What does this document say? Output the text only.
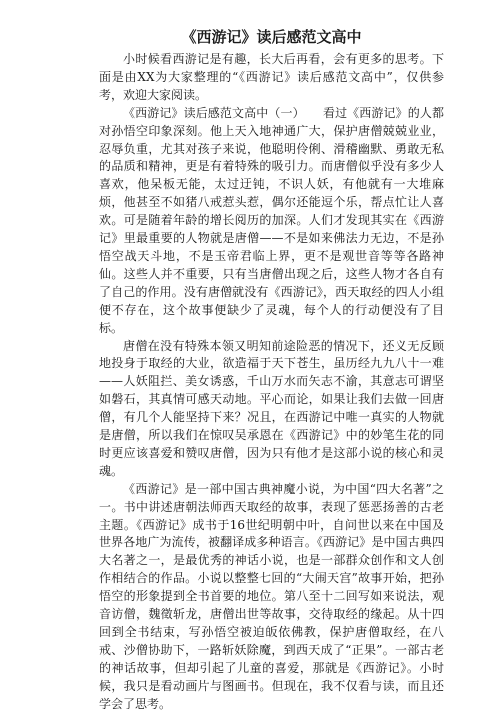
《西游记》读后感范文高中

小时候看西游记是有趣，长大后再看，会有更多的思考。下面是由XX为大家整理的“《西游记》读后感范文高中”，仅供参考，欢迎大家阅读。

《西游记》读后感范文高中（一）　　看过《西游记》的人都对孙悟空印象深刻。他上天入地神通广大，保护唐僧兢兢业业，忍辱负重，尤其对孩子来说，他聪明伶俐、滑稽幽默、勇敢无私的品质和精神，更是有着特殊的吸引力。而唐僧似乎没有多少人喜欢，他呆板无能，太过迂钝，不识人妖，有他就有一大堆麻烦，他甚至不如猪八戒惹头惹，偶尔还能逗个乐，帮点忙让人喜欢。可是随着年龄的增长阅历的加深。人们才发现其实在《西游记》里最重要的人物就是唐僧——不是如来佛法力无边，不是孙悟空战天斗地，不是玉帝君临上界，更不是观世音等等各路神仙。这些人并不重要，只有当唐僧出现之后，这些人物才各自有了自己的作用。没有唐僧就没有《西游记》，西天取经的四人小组便不存在，这个故事便缺少了灵魂，每个人的行动便没有了目标。

唐僧在没有特殊本领又明知前途险恶的情况下，还义无反顾地投身于取经的大业，欲造福于天下苍生，虽历经九九八十一难——人妖阻拦、美女诱惑，千山万水而矢志不渝，其意志可谓坚如磐石，其真情可感天动地。平心而论，如果让我们去做一回唐僧，有几个人能坚持下来？况且，在西游记中唯一真实的人物就是唐僧，所以我们在惊叹吴承恩在《西游记》中的妙笔生花的同时更应该喜爱和赞叹唐僧，因为只有他才是这部小说的核心和灵魂。

《西游记》是一部中国古典神魔小说，为中国“四大名著”之一。书中讲述唐朝法师西天取经的故事，表现了惩恶扬善的古老主题。《西游记》成书于16世纪明朝中叶，自问世以来在中国及世界各地广为流传，被翻译成多种语言。《西游记》是中国古典四大名著之一，是最优秀的神话小说，也是一部群众创作和文人创作相结合的作品。小说以整整七回的“大闹天宫”故事开始，把孙悟空的形象提到全书首要的地位。第八至十二回写如来说法，观音访僧，魏徵斩龙，唐僧出世等故事，交待取经的缘起。从十四回到全书结束，写孙悟空被迫皈依佛教，保护唐僧取经，在八戒、沙僧协助下，一路斩妖除魔，到西天成了“正果”。一部古老的神话故事，但却引起了儿童的喜爱，那就是《西游记》。小时候，我只是看动画片与图画书。但现在，我不仅看与读，而且还学会了思考。
